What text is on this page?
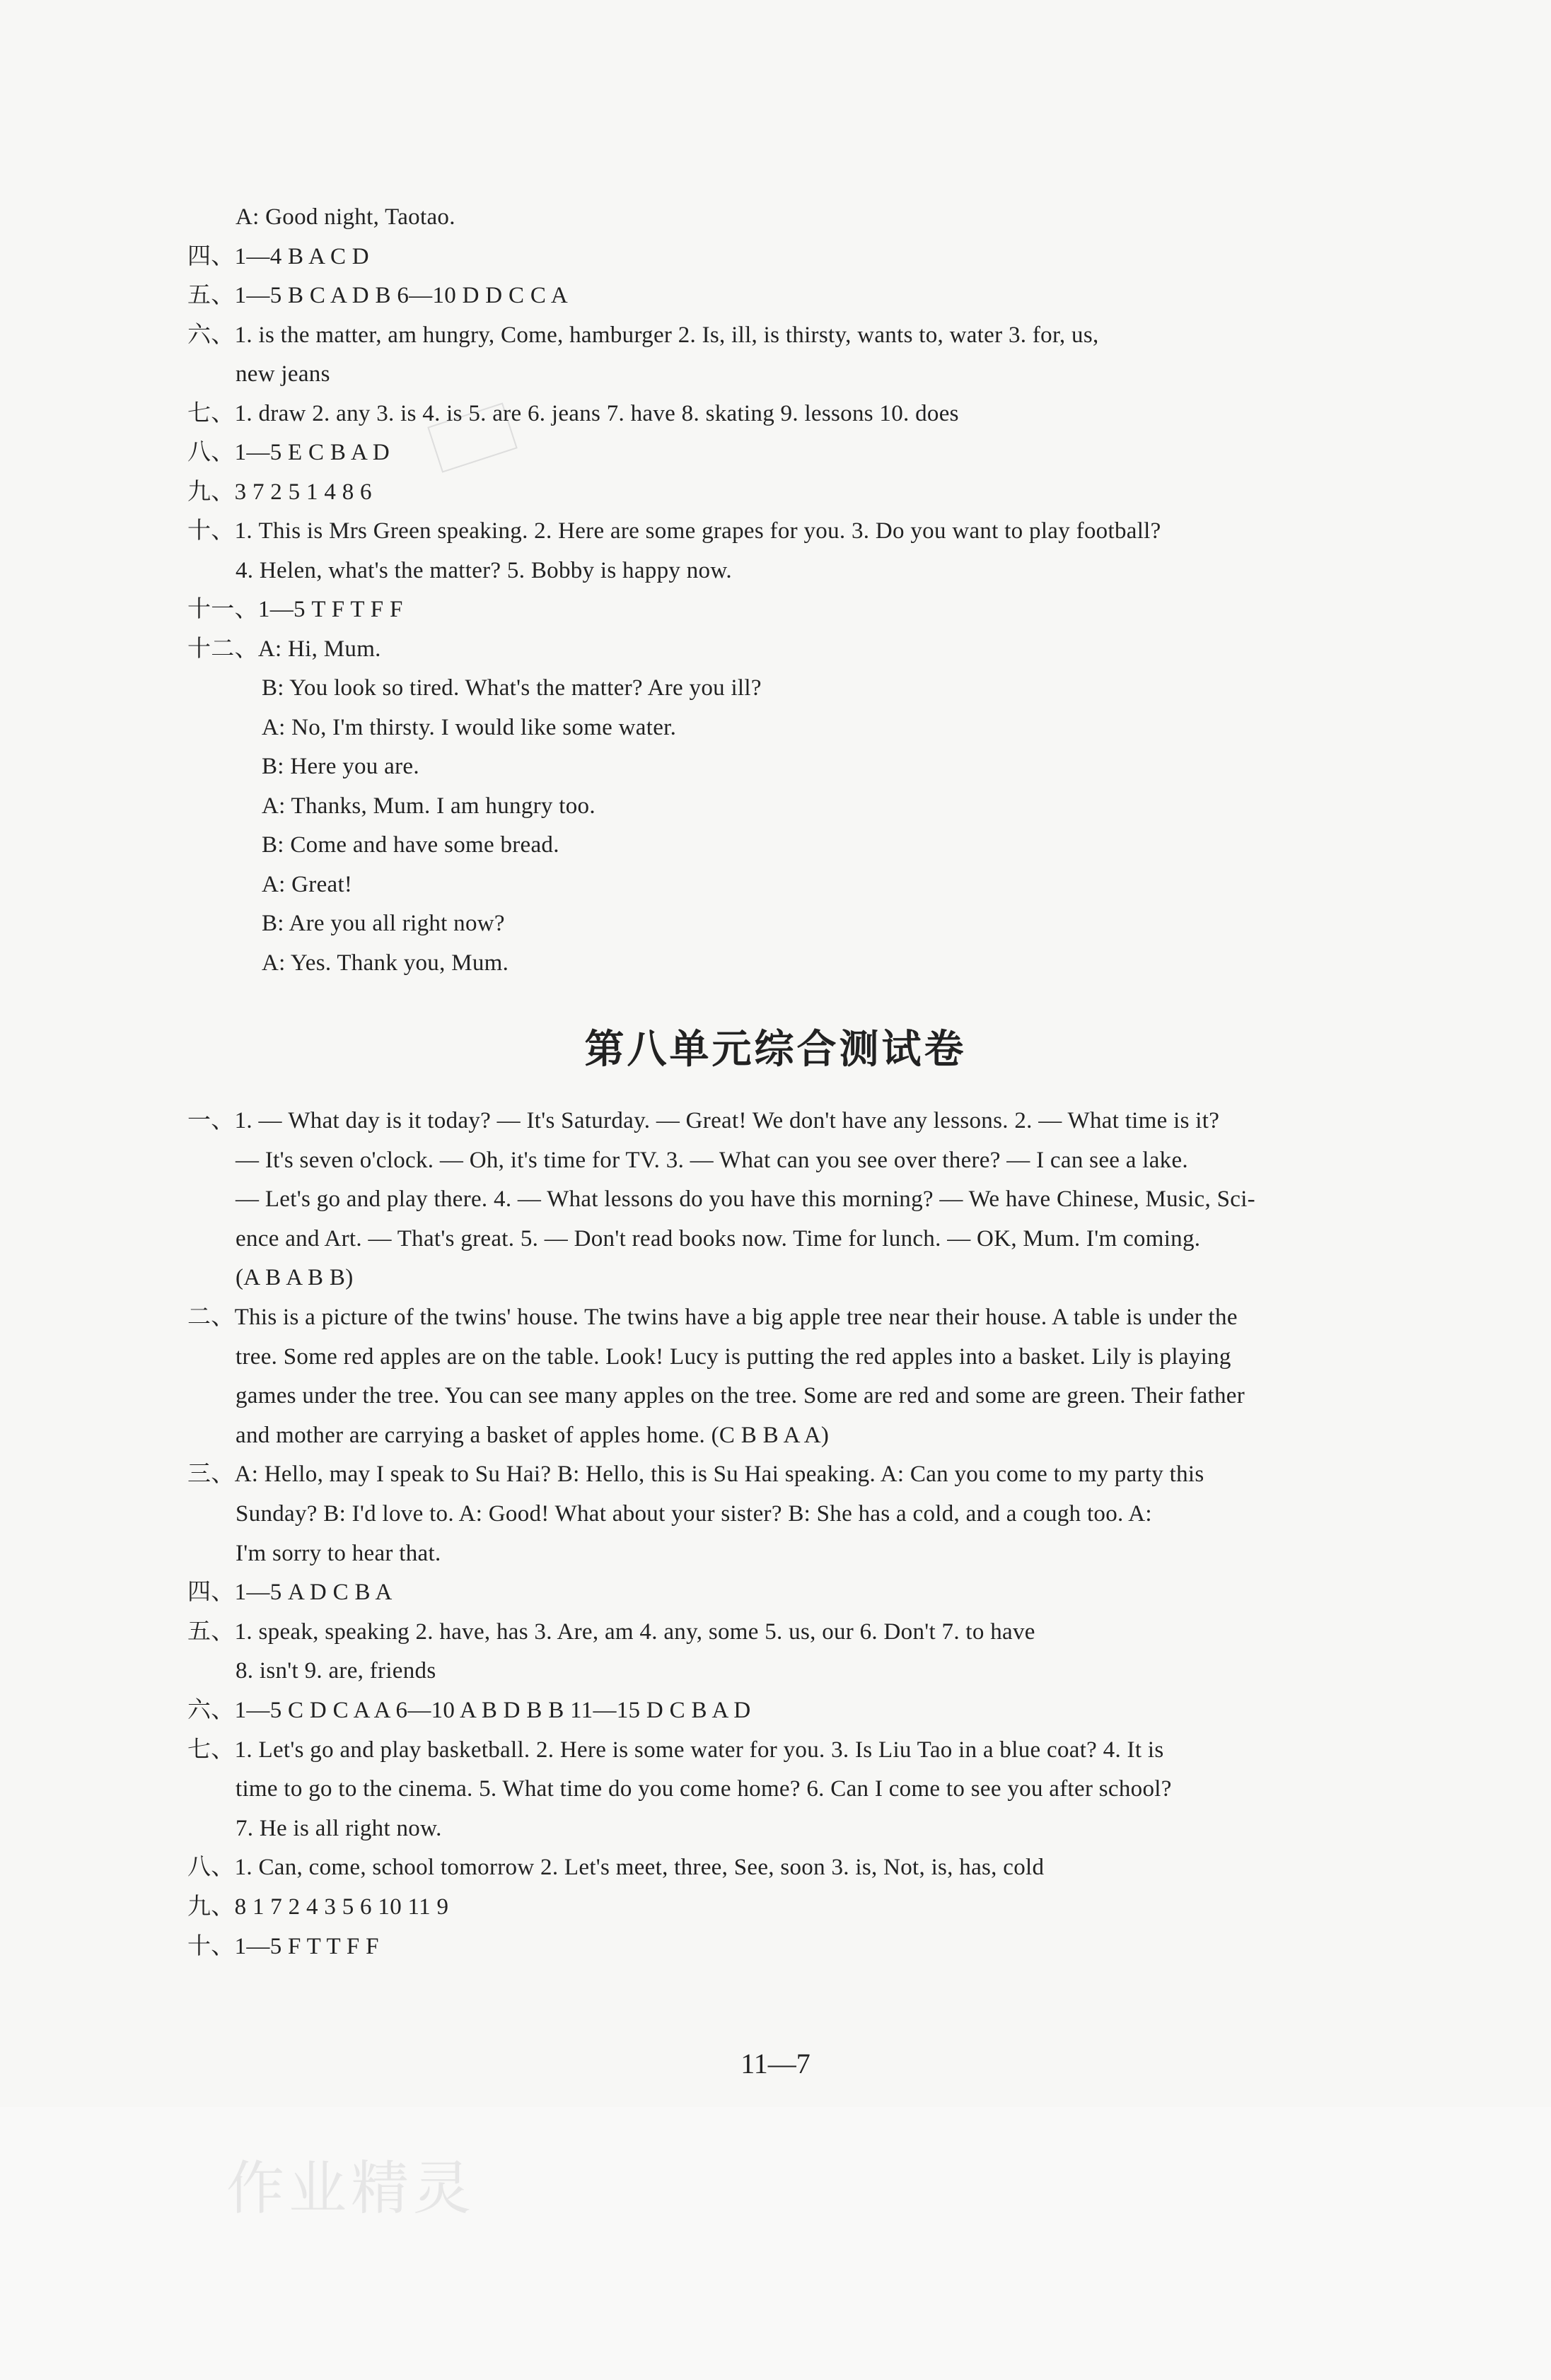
A: Good night, Taotao.
四、1—4 B A C D
五、1—5 B C A D B 6—10 D D C C A
六、1. is the matter, am hungry, Come, hamburger 2. Is, ill, is thirsty, wants to, water 3. for, us,
new jeans
七、1. draw 2. any 3. is 4. is 5. are 6. jeans 7. have 8. skating 9. lessons 10. does
八、1—5 E C B A D
九、3 7 2 5 1 4 8 6
十、1. This is Mrs Green speaking. 2. Here are some grapes for you. 3. Do you want to play football?
4. Helen, what's the matter? 5. Bobby is happy now.
十一、1—5 T F T F F
十二、A: Hi, Mum.
B: You look so tired. What's the matter? Are you ill?
A: No, I'm thirsty. I would like some water.
B: Here you are.
A: Thanks, Mum. I am hungry too.
B: Come and have some bread.
A: Great!
B: Are you all right now?
A: Yes. Thank you, Mum.
第八单元综合测试卷
一、1. — What day is it today? — It's Saturday. — Great! We don't have any lessons. 2. — What time is it?
— It's seven o'clock. — Oh, it's time for TV. 3. — What can you see over there? — I can see a lake.
— Let's go and play there. 4. — What lessons do you have this morning? — We have Chinese, Music, Sci-
ence and Art. — That's great. 5. — Don't read books now. Time for lunch. — OK, Mum. I'm coming.
(A B A B B)
二、This is a picture of the twins' house. The twins have a big apple tree near their house. A table is under the
tree. Some red apples are on the table. Look! Lucy is putting the red apples into a basket. Lily is playing
games under the tree. You can see many apples on the tree. Some are red and some are green. Their father
and mother are carrying a basket of apples home. (C B B A A)
三、A: Hello, may I speak to Su Hai? B: Hello, this is Su Hai speaking. A: Can you come to my party this
Sunday? B: I'd love to. A: Good! What about your sister? B: She has a cold, and a cough too. A:
I'm sorry to hear that.
四、1—5 A D C B A
五、1. speak, speaking 2. have, has 3. Are, am 4. any, some 5. us, our 6. Don't 7. to have
8. isn't 9. are, friends
六、1—5 C D C A A 6—10 A B D B B 11—15 D C B A D
七、1. Let's go and play basketball. 2. Here is some water for you. 3. Is Liu Tao in a blue coat? 4. It is
time to go to the cinema. 5. What time do you come home? 6. Can I come to see you after school?
7. He is all right now.
八、1. Can, come, school tomorrow 2. Let's meet, three, See, soon 3. is, Not, is, has, cold
九、8 1 7 2 4 3 5 6 10 11 9
十、1—5 F T T F F
11—7
作业精灵
